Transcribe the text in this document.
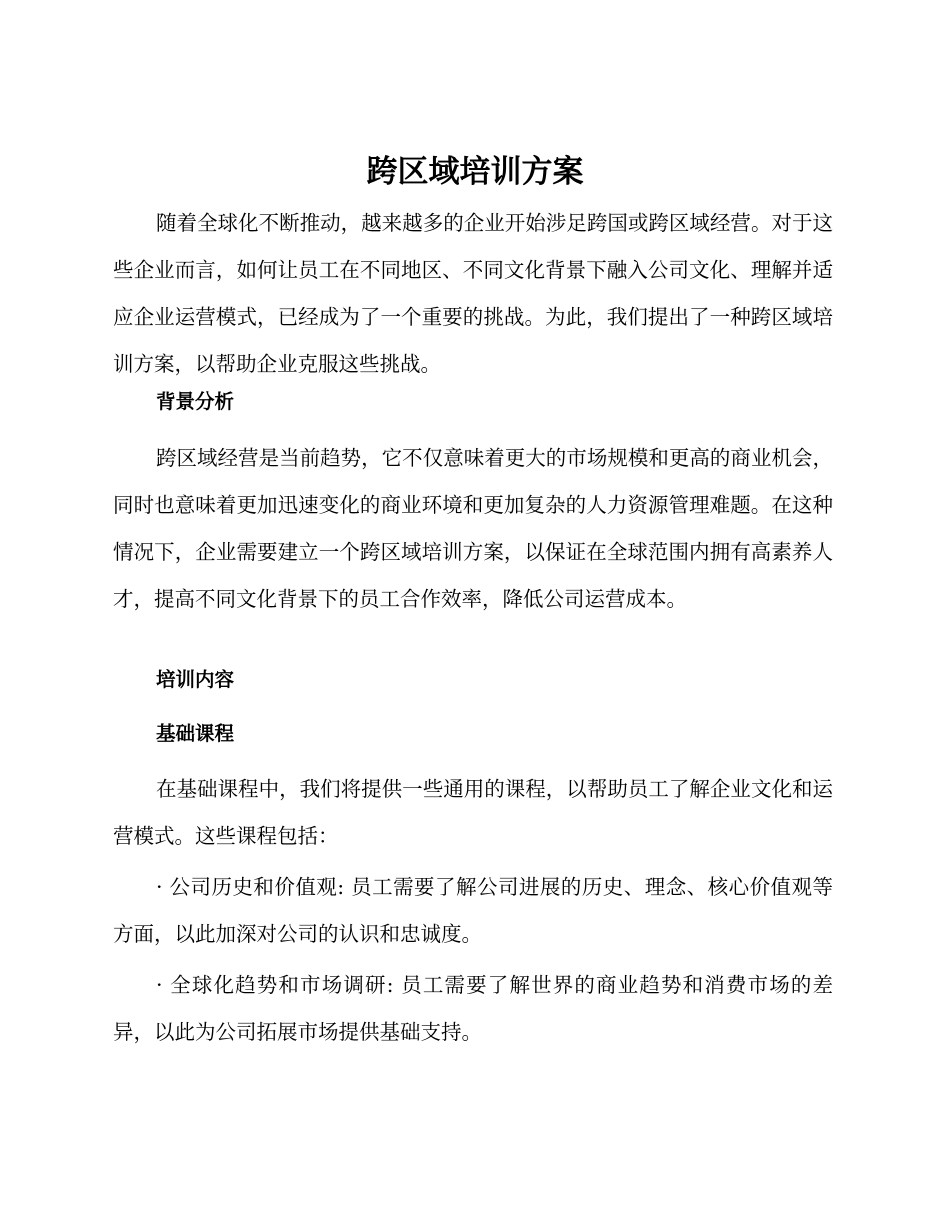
跨区域培训方案

随着全球化不断推动，越来越多的企业开始涉足跨国或跨区域经营。对于这些企业而言，如何让员工在不同地区、不同文化背景下融入公司文化、理解并适应企业运营模式，已经成为了一个重要的挑战。为此，我们提出了一种跨区域培训方案，以帮助企业克服这些挑战。

背景分析

跨区域经营是当前趋势，它不仅意味着更大的市场规模和更高的商业机会，同时也意味着更加迅速变化的商业环境和更加复杂的人力资源管理难题。在这种情况下，企业需要建立一个跨区域培训方案，以保证在全球范围内拥有高素养人才，提高不同文化背景下的员工合作效率，降低公司运营成本。

培训内容
基础课程

在基础课程中，我们将提供一些通用的课程，以帮助员工了解企业文化和运营模式。这些课程包括：

· 公司历史和价值观: 员工需要了解公司进展的历史、理念、核心价值观等方面，以此加深对公司的认识和忠诚度。

· 全球化趋势和市场调研: 员工需要了解世界的商业趋势和消费市场的差异，以此为公司拓展市场提供基础支持。
